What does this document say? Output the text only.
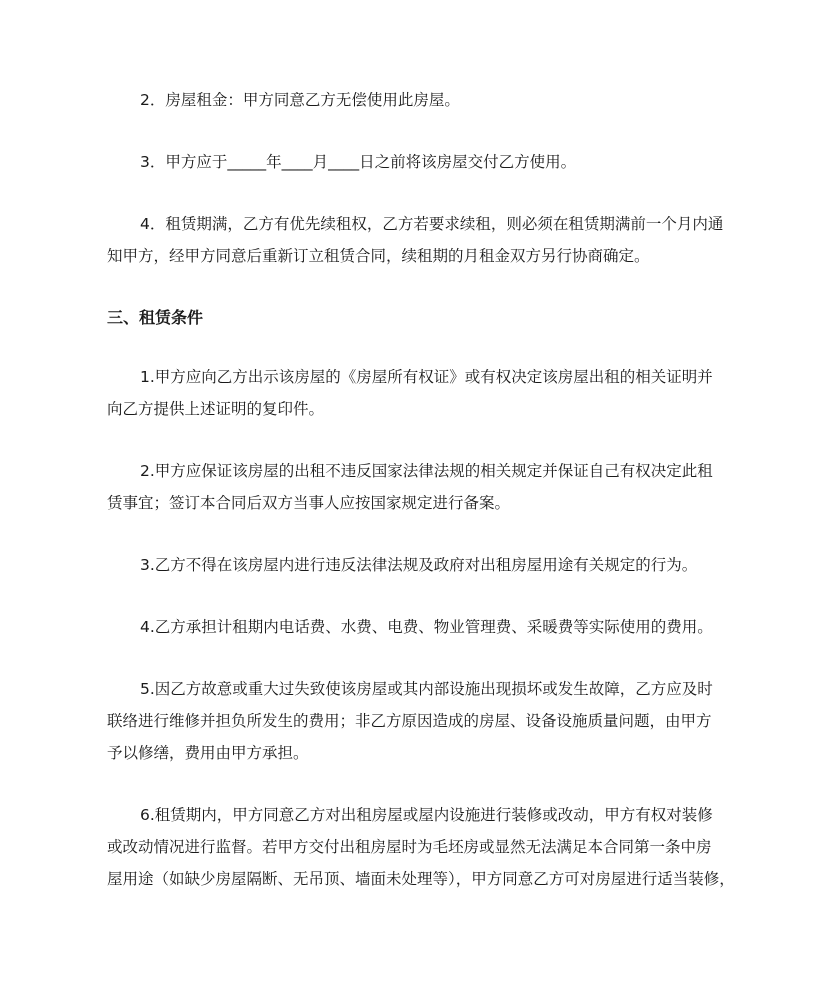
2．房屋租金：甲方同意乙方无偿使用此房屋。
3．甲方应于_____年____月____日之前将该房屋交付乙方使用。
4．租赁期满，乙方有优先续租权，乙方若要求续租，则必须在租赁期满前一个月内通
知甲方，经甲方同意后重新订立租赁合同，续租期的月租金双方另行协商确定。
三、租赁条件
1.甲方应向乙方出示该房屋的《房屋所有权证》或有权决定该房屋出租的相关证明并
向乙方提供上述证明的复印件。
2.甲方应保证该房屋的出租不违反国家法律法规的相关规定并保证自己有权决定此租
赁事宜；签订本合同后双方当事人应按国家规定进行备案。
3.乙方不得在该房屋内进行违反法律法规及政府对出租房屋用途有关规定的行为。
4.乙方承担计租期内电话费、水费、电费、物业管理费、采暖费等实际使用的费用。
5.因乙方故意或重大过失致使该房屋或其内部设施出现损坏或发生故障，乙方应及时
联络进行维修并担负所发生的费用；非乙方原因造成的房屋、设备设施质量问题，由甲方
予以修缮，费用由甲方承担。
6.租赁期内，甲方同意乙方对出租房屋或屋内设施进行装修或改动，甲方有权对装修
或改动情况进行监督。若甲方交付出租房屋时为毛坯房或显然无法满足本合同第一条中房
屋用途（如缺少房屋隔断、无吊顶、墙面未处理等），甲方同意乙方可对房屋进行适当装修，
